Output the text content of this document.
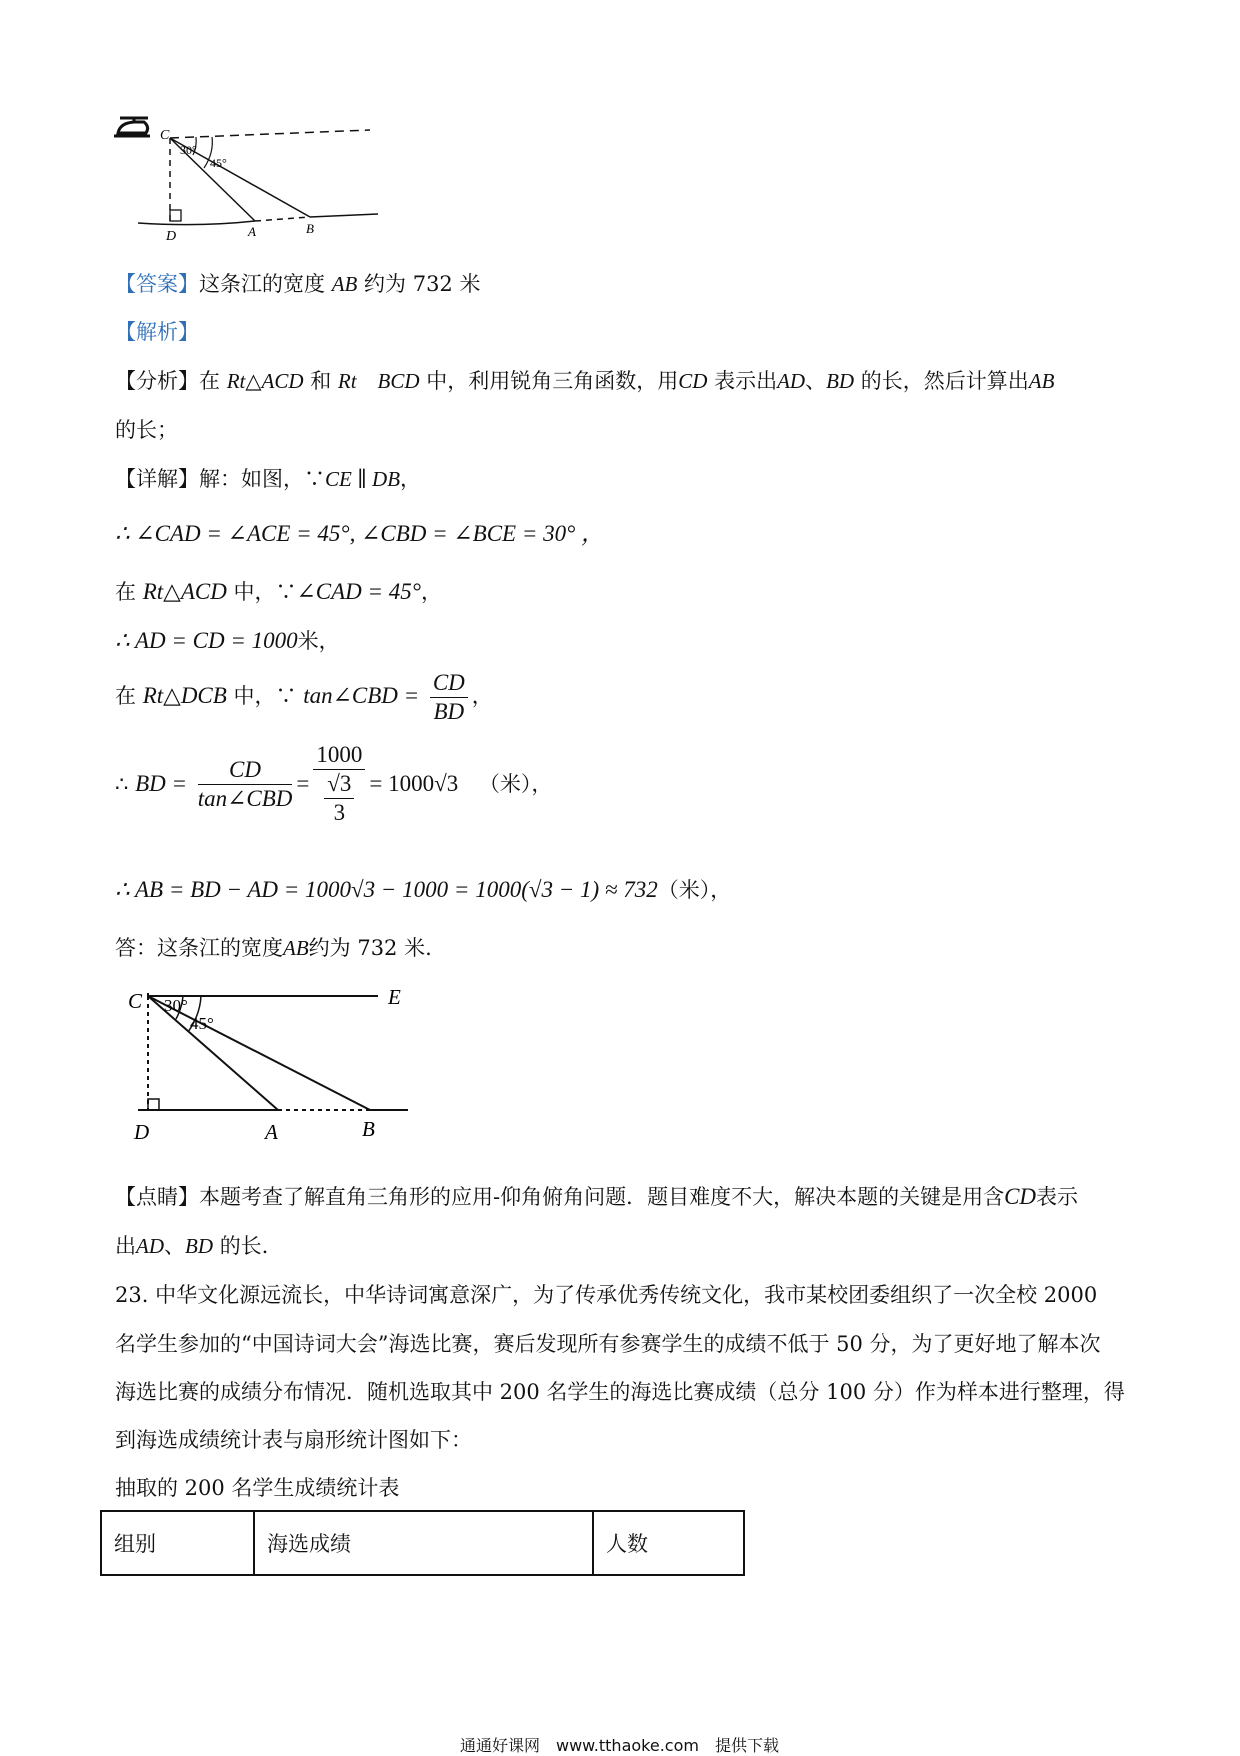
C
30°
45°
D	A	B
【答案】这条江的宽度 AB 约为 732 米
【解析】
【分析】在 Rt△ACD 和 Rt　BCD 中，利用锐角三角函数，用CD 表示出AD、BD 的长，然后计算出AB
的长；
【详解】解：如图，∵CE ∥ DB，
∴ ∠CAD = ∠ACE = 45°, ∠CBD = ∠BCE = 30° ，
在 Rt△ACD 中，∵∠CAD = 45°，
∴ AD = CD = 1000米，
在 Rt△DCB 中，∵ tan∠CBD = $\frac{CD}{BD}$ ，
∴ BD = $\frac{CD}{\text{tan∠CBD}} = \frac{1000}{\frac{√3}{3}} = 1000√3$ （米），
∴ AB = BD − AD = 1000√3 − 1000 = 1000(√3 − 1) ≈ 732（米），
答：这条江的宽度AB约为 732 米.
C	E
30°
45°
D	A	B
【点睛】本题考查了解直角三角形的应用-仰角俯角问题．题目难度不大，解决本题的关键是用含CD表示
出AD、BD 的长.
23. 中华文化源远流长，中华诗词寓意深广，为了传承优秀传统文化，我市某校团委组织了一次全校 2000
名学生参加的“中国诗词大会”海选比赛，赛后发现所有参赛学生的成绩不低于 50 分，为了更好地了解本次
海选比赛的成绩分布情况．随机选取其中 200 名学生的海选比赛成绩（总分 100 分）作为样本进行整理，得
到海选成绩统计表与扇形统计图如下：
抽取的 200 名学生成绩统计表
组别	海选成绩	人数
通通好课网　www.tthaoke.com　提供下载
